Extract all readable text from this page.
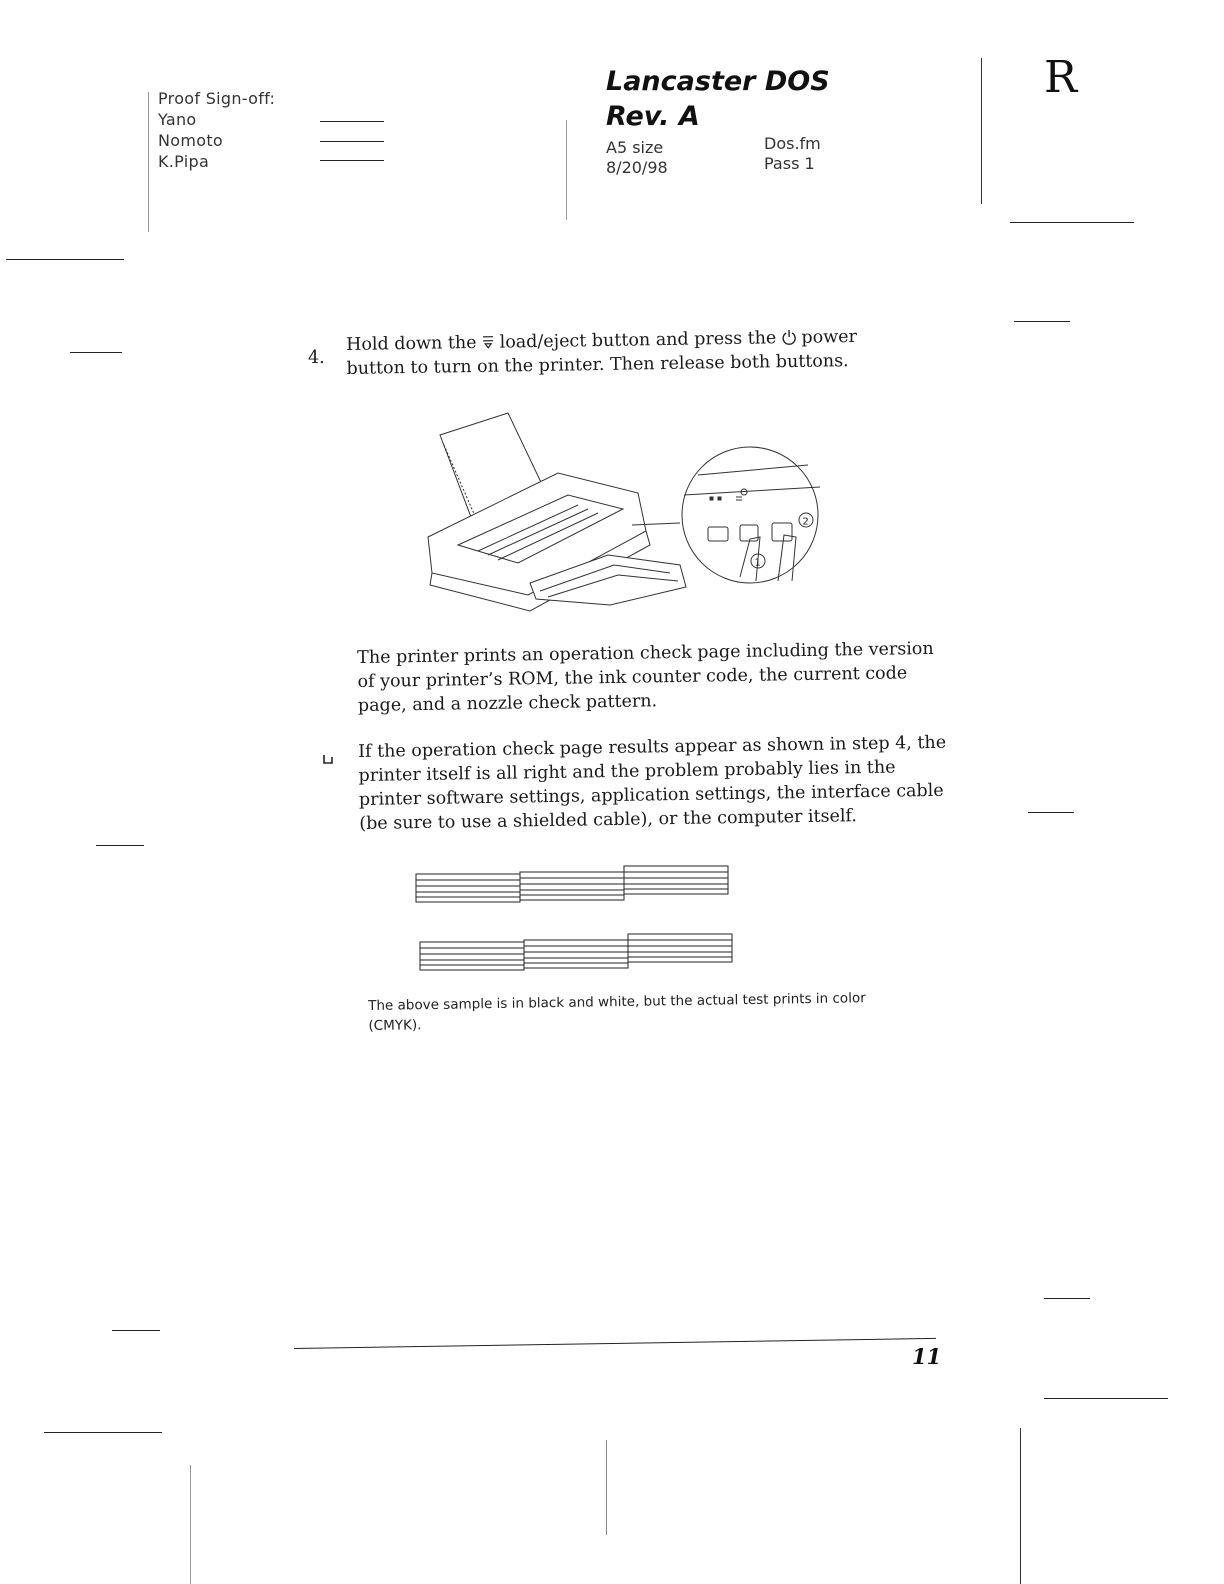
Proof Sign-off:
Yano
Nomoto
K.Pipa
Lancaster DOS
Rev. A
A5 size
8/20/98
Dos.fm
Pass 1
R
4.
Hold down the  load/eject button and press the  power
button to turn on the printer. Then release both buttons.
1
2
The printer prints an operation check page including the version
of your printer’s ROM, the ink counter code, the current code
page, and a nozzle check pattern.
If the operation check page results appear as shown in step 4, the
printer itself is all right and the problem probably lies in the
printer software settings, application settings, the interface cable
(be sure to use a shielded cable), or the computer itself.
The above sample is in black and white, but the actual test prints in color
(CMYK).
11
